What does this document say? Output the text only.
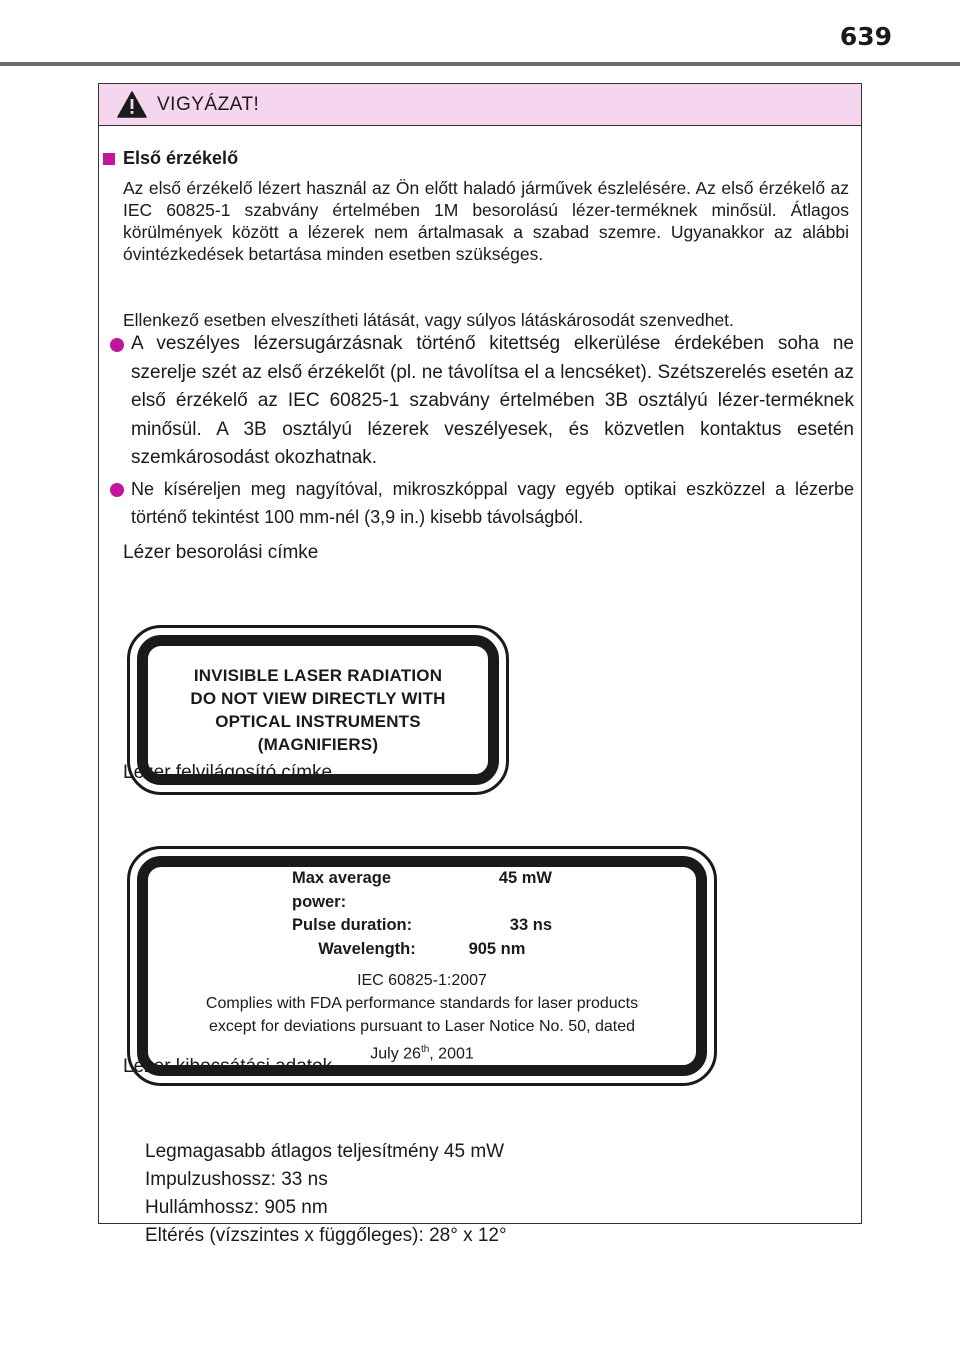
639
VIGYÁZAT!
Első érzékelő

Az első érzékelő lézert használ az Ön előtt haladó járművek észlelésére. Az első érzékelő az IEC 60825-1 szabvány értelmében 1M besorolású lézer-terméknek minősül. Átlagos körülmények között a lézerek nem ártalmasak a szabad szemre. Ugyanakkor az alábbi óvintézkedések betartása minden esetben szükséges.

Ellenkező esetben elveszítheti látását, vagy súlyos látáskárosodát szenvedhet.

A veszélyes lézersugárzásnak történő kitettség elkerülése érdekében soha ne szerelje szét az első érzékelőt (pl. ne távolítsa el a lencséket). Szétszerelés esetén az első érzékelő az IEC 60825-1 szabvány értelmében 3B osztályú lézer-terméknek minősül. A 3B osztályú lézerek veszélyesek, és közvetlen kontaktus esetén szemkárosodást okozhatnak.
Ne kíséreljen meg nagyítóval, mikroszkóppal vagy egyéb optikai eszközzel a lézerbe történő tekintést 100 mm-nél (3,9 in.) kisebb távolságból.
Lézer besorolási címke
INVISIBLE LASER RADIATION
DO NOT VIEW DIRECTLY WITH
OPTICAL INSTRUMENTS
(MAGNIFIERS)
Lézer felvilágosító címke
Max average power:
45 mW
Pulse duration:	33 ns
Wavelength:	905 nm
IEC 60825-1:2007
Complies with FDA performance standards for laser products
except for deviations pursuant to Laser Notice No. 50, dated
July 26th, 2001
Lézer kibocsátási adatok
Legmagasabb átlagos teljesítmény 45 mW
Impulzushossz: 33 ns
Hullámhossz: 905 nm
Eltérés (vízszintes x függőleges): 28° x 12°
